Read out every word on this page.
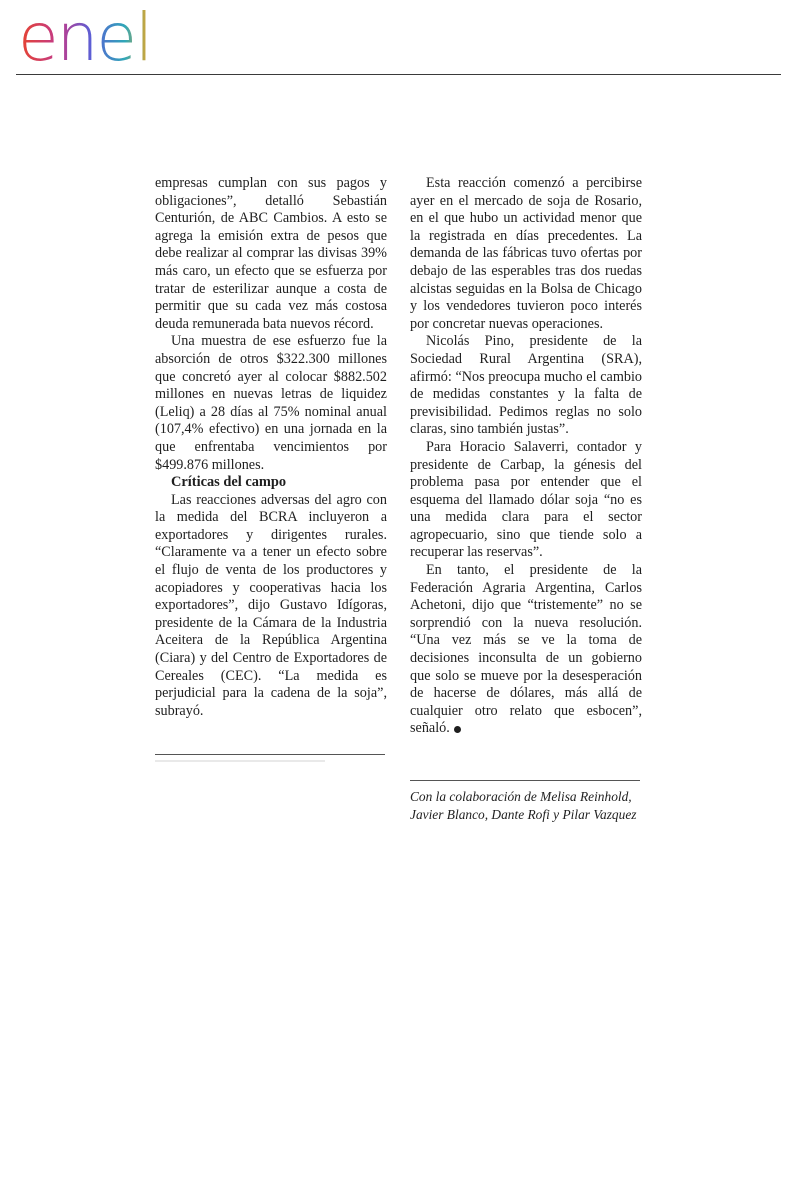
enel

empresas cumplan con sus pagos y obligaciones”, detalló Sebastián Centurión, de ABC Cambios. A esto se agrega la emisión extra de pesos que debe realizar al comprar las divisas 39% más caro, un efecto que se esfuerza por tratar de esterilizar aunque a costa de permitir que su cada vez más costosa deuda remunerada bata nuevos récord.

Una muestra de ese esfuerzo fue la absorción de otros $322.300 millones que concretó ayer al colocar $882.502 millones en nuevas letras de liquidez (Leliq) a 28 días al 75% nominal anual (107,4% efectivo) en una jornada en la que enfrentaba vencimientos por $499.876 millones.

Críticas del campo

Las reacciones adversas del agro con la medida del BCRA incluyeron a exportadores y dirigentes rurales. “Claramente va a tener un efecto sobre el flujo de venta de los productores y acopiadores y cooperativas hacia los exportadores”, dijo Gustavo Idígoras, presidente de la Cámara de la Industria Aceitera de la República Argentina (Ciara) y del Centro de Exportadores de Cereales (CEC). “La medida es perjudicial para la cadena de la soja”, subrayó.

Esta reacción comenzó a percibirse ayer en el mercado de soja de Rosario, en el que hubo un actividad menor que la registrada en días precedentes. La demanda de las fábricas tuvo ofertas por debajo de las esperables tras dos ruedas alcistas seguidas en la Bolsa de Chicago y los vendedores tuvieron poco interés por concretar nuevas operaciones.

Nicolás Pino, presidente de la Sociedad Rural Argentina (SRA), afirmó: “Nos preocupa mucho el cambio de medidas constantes y la falta de previsibilidad. Pedimos reglas no solo claras, sino también justas”.

Para Horacio Salaverri, contador y presidente de Carbap, la génesis del problema pasa por entender que el esquema del llamado dólar soja “no es una medida clara para el sector agropecuario, sino que tiende solo a recuperar las reservas”.

En tanto, el presidente de la Federación Agraria Argentina, Carlos Achetoni, dijo que “tristemente” no se sorprendió con la nueva resolución. “Una vez más se ve la toma de decisiones inconsulta de un gobierno que solo se mueve por la desesperación de hacerse de dólares, más allá de cualquier otro relato que esbocen”, señaló.

Con la colaboración de Melisa Reinhold, Javier Blanco, Dante Rofi y Pilar Vazquez
